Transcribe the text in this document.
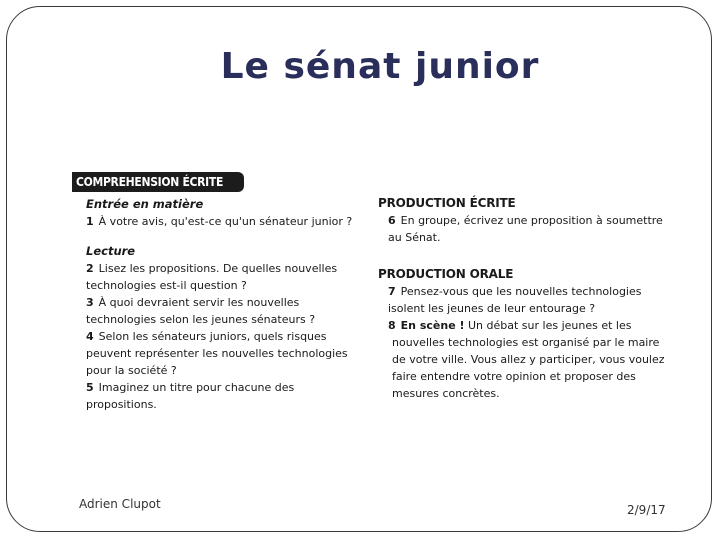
Le sénat junior
COMPREHENSION ÉCRITE
Entrée en matière
1 À votre avis, qu'est-ce qu'un sénateur junior ?
Lecture
2 Lisez les propositions. De quelles nouvelles
technologies est-il question ?
3 À quoi devraient servir les nouvelles
technologies selon les jeunes sénateurs ?
4 Selon les sénateurs juniors, quels risques
peuvent représenter les nouvelles technologies
pour la société ?
5 Imaginez un titre pour chacune des
propositions.
PRODUCTION ÉCRITE
6 En groupe, écrivez une proposition à soumettre
au Sénat.
PRODUCTION ORALE
7 Pensez-vous que les nouvelles technologies
isolent les jeunes de leur entourage ?
8 En scène ! Un débat sur les jeunes et les
nouvelles technologies est organisé par le maire
de votre ville. Vous allez y participer, vous voulez
faire entendre votre opinion et proposer des
mesures concrètes.
Adrien Clupot	2/9/17
